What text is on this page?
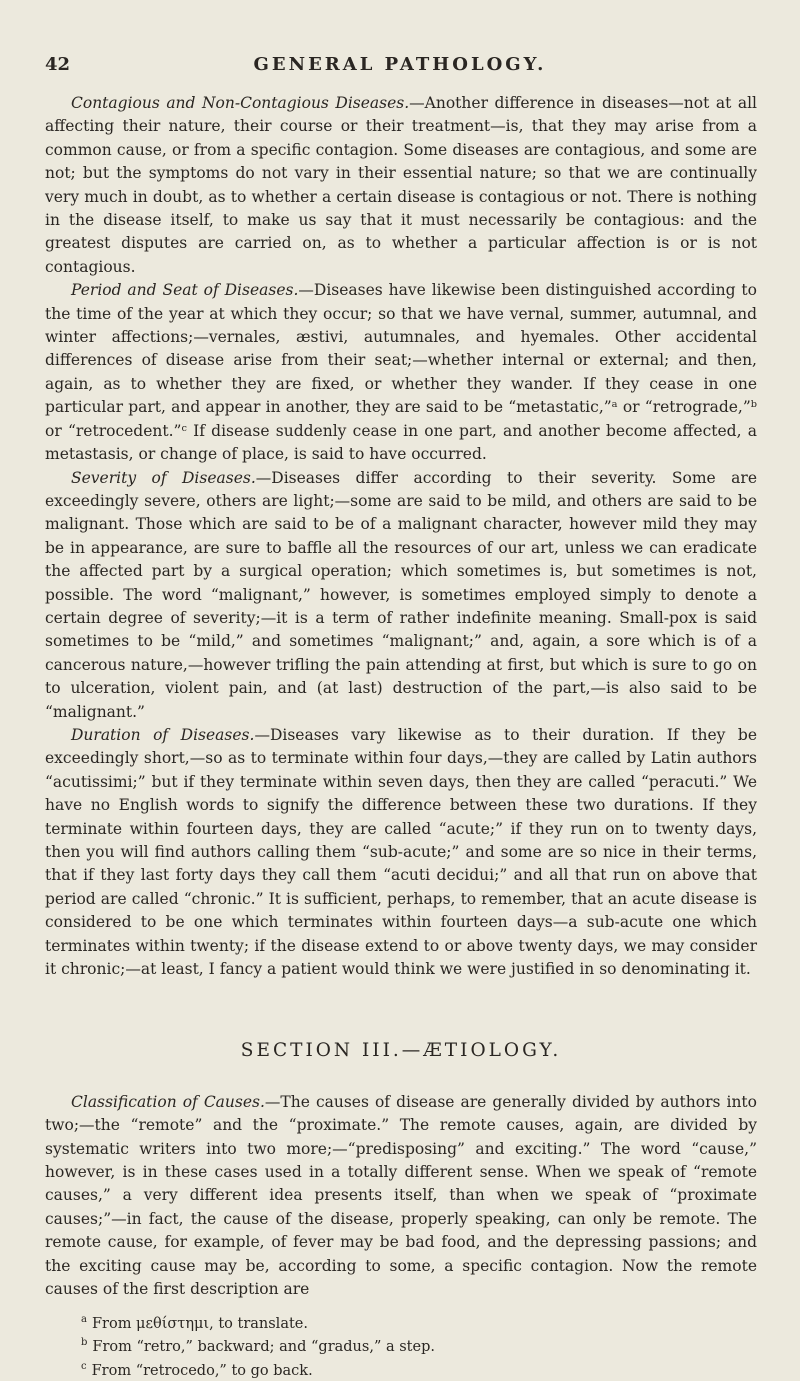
42	GENERAL PATHOLOGY.

Contagious and Non-Contagious Diseases.—Another difference in diseases—not at all affecting their nature, their course or their treatment—is, that they may arise from a common cause, or from a specific contagion. Some diseases are contagious, and some are not; but the symptoms do not vary in their essential nature; so that we are continually very much in doubt, as to whether a certain disease is contagious or not. There is nothing in the disease itself, to make us say that it must necessarily be contagious: and the greatest disputes are carried on, as to whether a particular affection is or is not contagious.

Period and Seat of Diseases.—Diseases have likewise been distinguished according to the time of the year at which they occur; so that we have vernal, summer, autumnal, and winter affections;—vernales, æstivi, autumnales, and hyemales. Other accidental differences of disease arise from their seat;—whether internal or external; and then, again, as to whether they are fixed, or whether they wander. If they cease in one particular part, and appear in another, they are said to be “metastatic,”ᵃ or “retrograde,”ᵇ or “retrocedent.”ᶜ If disease suddenly cease in one part, and another become affected, a metastasis, or change of place, is said to have occurred.

Severity of Diseases.—Diseases differ according to their severity. Some are exceedingly severe, others are light;—some are said to be mild, and others are said to be malignant. Those which are said to be of a malignant character, however mild they may be in appearance, are sure to baffle all the resources of our art, unless we can eradicate the affected part by a surgical operation; which sometimes is, but sometimes is not, possible. The word “malignant,” however, is sometimes employed simply to denote a certain degree of severity;—it is a term of rather indefinite meaning. Small-pox is said sometimes to be “mild,” and sometimes “malignant;” and, again, a sore which is of a cancerous nature,—however trifling the pain attending at first, but which is sure to go on to ulceration, violent pain, and (at last) destruction of the part,—is also said to be “malignant.”

Duration of Diseases.—Diseases vary likewise as to their duration. If they be exceedingly short,—so as to terminate within four days,—they are called by Latin authors “acutissimi;” but if they terminate within seven days, then they are called “peracuti.” We have no English words to signify the difference between these two durations. If they terminate within fourteen days, they are called “acute;” if they run on to twenty days, then you will find authors calling them “sub-acute;” and some are so nice in their terms, that if they last forty days they call them “acuti decidui;” and all that run on above that period are called “chronic.” It is sufficient, perhaps, to remember, that an acute disease is considered to be one which terminates within fourteen days—a sub-acute one which terminates within twenty; if the disease extend to or above twenty days, we may consider it chronic;—at least, I fancy a patient would think we were justified in so denominating it.

SECTION III.—ÆTIOLOGY.

Classification of Causes.—The causes of disease are generally divided by authors into two;—the “remote” and the “proximate.” The remote causes, again, are divided by systematic writers into two more;—“predisposing” and exciting.” The word “cause,” however, is in these cases used in a totally different sense. When we speak of “remote causes,” a very different idea presents itself, than when we speak of “proximate causes;”—in fact, the cause of the disease, properly speaking, can only be remote. The remote cause, for example, of fever may be bad food, and the depressing passions; and the exciting cause may be, according to some, a specific contagion. Now the remote causes of the first description are

$^a$ From μεθίστημι, to translate.
$^b$ From “retro,” backward; and “gradus,” a step.
$^c$ From “retrocedo,” to go back.
